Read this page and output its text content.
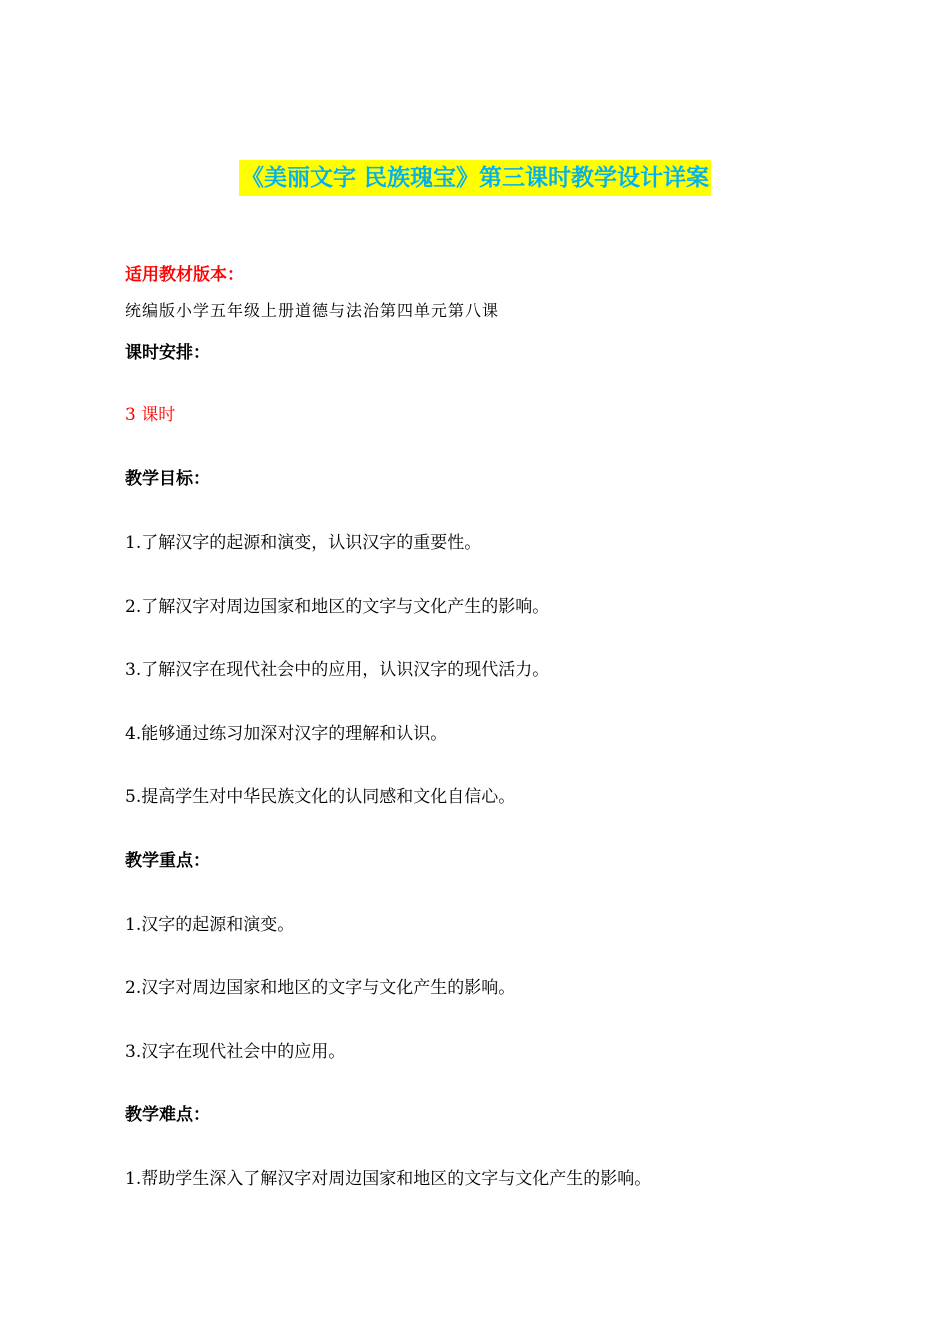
《美丽文字 民族瑰宝》第三课时教学设计详案
适用教材版本：
统编版小学五年级上册道德与法治第四单元第八课
课时安排：
3 课时
教学目标：
1.了解汉字的起源和演变，认识汉字的重要性。
2.了解汉字对周边国家和地区的文字与文化产生的影响。
3.了解汉字在现代社会中的应用，认识汉字的现代活力。
4.能够通过练习加深对汉字的理解和认识。
5.提高学生对中华民族文化的认同感和文化自信心。
教学重点：
1.汉字的起源和演变。
2.汉字对周边国家和地区的文字与文化产生的影响。
3.汉字在现代社会中的应用。
教学难点：
1.帮助学生深入了解汉字对周边国家和地区的文字与文化产生的影响。
